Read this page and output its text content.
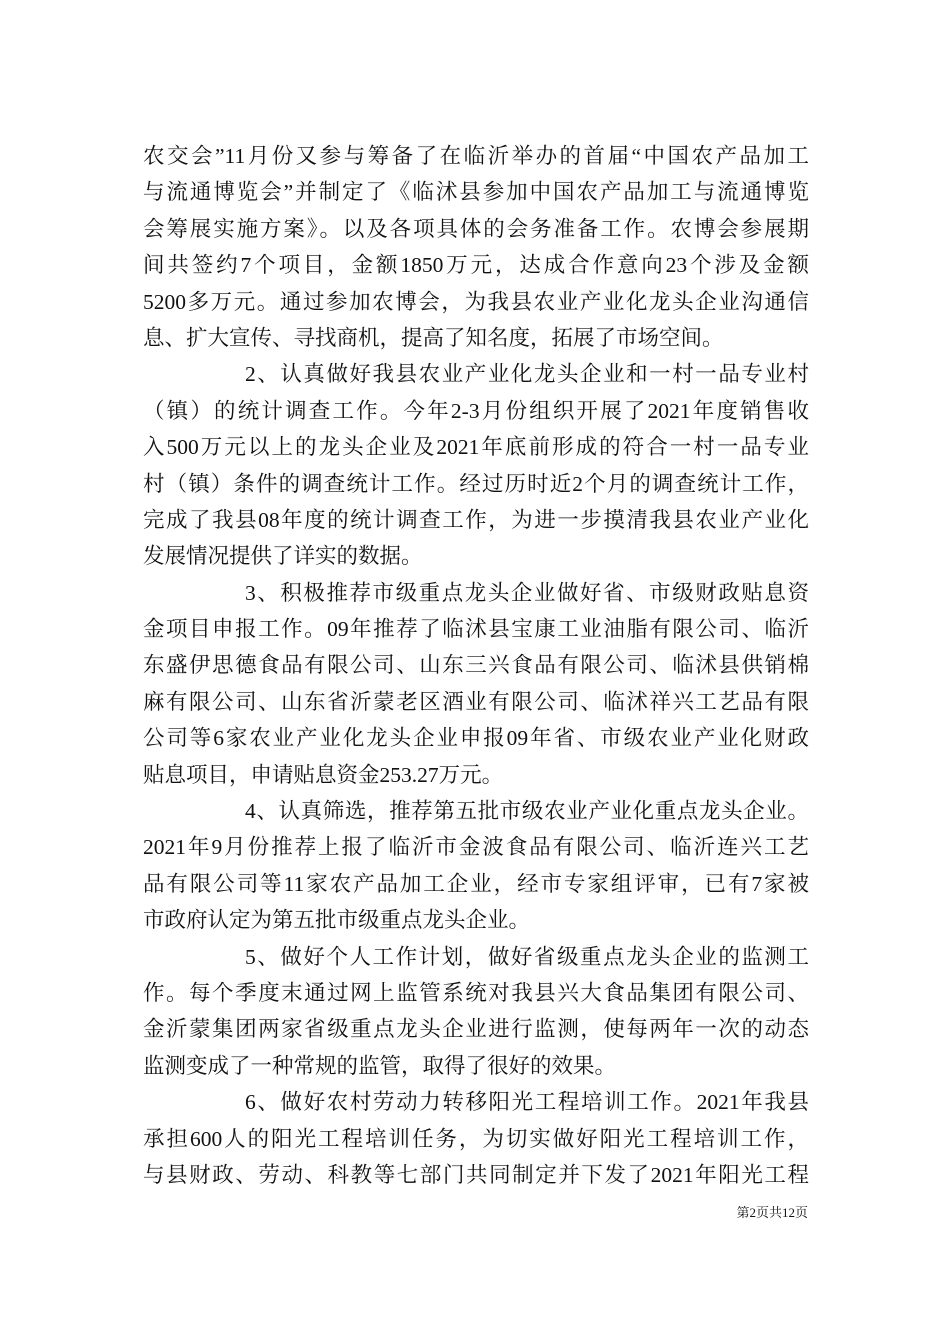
农交会”11月份又参与筹备了在临沂举办的首届“中国农产品加工
与流通博览会”并制定了《临沭县参加中国农产品加工与流通博览
会筹展实施方案》。以及各项具体的会务准备工作。农博会参展期
间共签约7个项目，金额1850万元，达成合作意向23个涉及金额
5200多万元。通过参加农博会，为我县农业产业化龙头企业沟通信
息、扩大宣传、寻找商机，提高了知名度，拓展了市场空间。
2、认真做好我县农业产业化龙头企业和一村一品专业村
（镇）的统计调查工作。今年2-3月份组织开展了2021年度销售收
入500万元以上的龙头企业及2021年底前形成的符合一村一品专业
村（镇）条件的调查统计工作。经过历时近2个月的调查统计工作，
完成了我县08年度的统计调查工作，为进一步摸清我县农业产业化
发展情况提供了详实的数据。
3、积极推荐市级重点龙头企业做好省、市级财政贴息资
金项目申报工作。09年推荐了临沭县宝康工业油脂有限公司、临沂
东盛伊思德食品有限公司、山东三兴食品有限公司、临沭县供销棉
麻有限公司、山东省沂蒙老区酒业有限公司、临沭祥兴工艺品有限
公司等6家农业产业化龙头企业申报09年省、市级农业产业化财政
贴息项目，申请贴息资金253.27万元。
4、认真筛选，推荐第五批市级农业产业化重点龙头企业。
2021年9月份推荐上报了临沂市金波食品有限公司、临沂连兴工艺
品有限公司等11家农产品加工企业，经市专家组评审，已有7家被
市政府认定为第五批市级重点龙头企业。
5、做好个人工作计划，做好省级重点龙头企业的监测工
作。每个季度末通过网上监管系统对我县兴大食品集团有限公司、
金沂蒙集团两家省级重点龙头企业进行监测，使每两年一次的动态
监测变成了一种常规的监管，取得了很好的效果。
6、做好农村劳动力转移阳光工程培训工作。2021年我县
承担600人的阳光工程培训任务，为切实做好阳光工程培训工作，
与县财政、劳动、科教等七部门共同制定并下发了2021年阳光工程
第2页共12页
